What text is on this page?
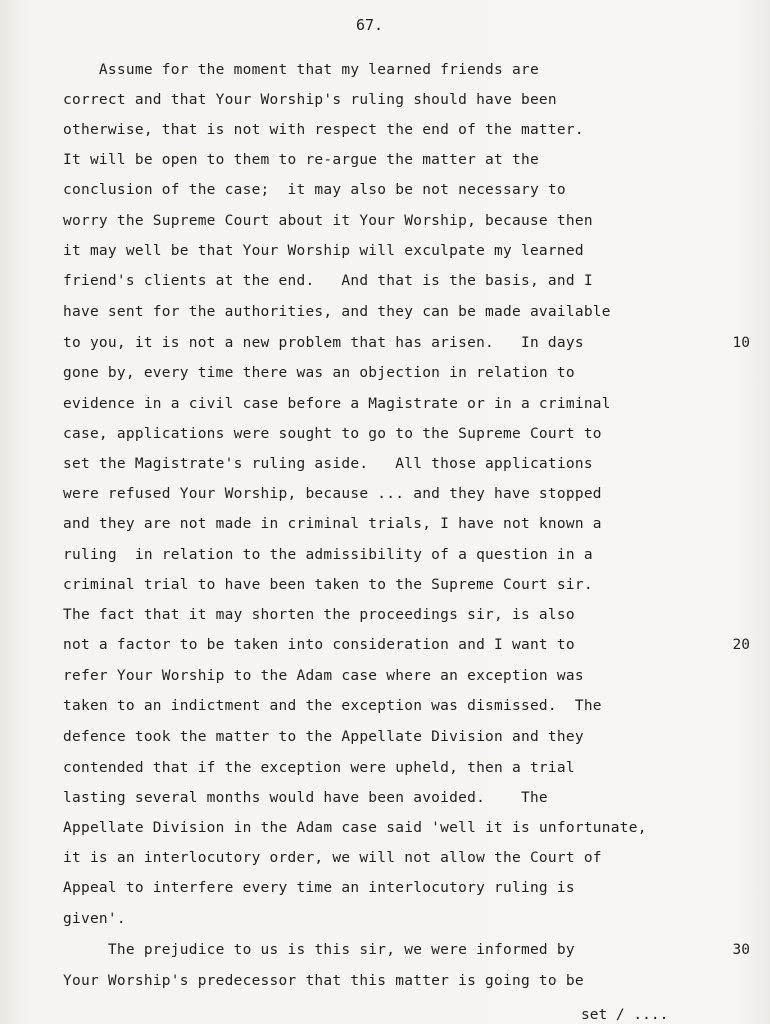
67.
Assume for the moment that my learned friends are
correct and that Your Worship's ruling should have been
otherwise, that is not with respect the end of the matter.
It will be open to them to re-argue the matter at the
conclusion of the case;  it may also be not necessary to
worry the Supreme Court about it Your Worship, because then
it may well be that Your Worship will exculpate my learned
friend's clients at the end.   And that is the basis, and I
have sent for the authorities, and they can be made available
to you, it is not a new problem that has arisen.   In days
gone by, every time there was an objection in relation to
evidence in a civil case before a Magistrate or in a criminal
case, applications were sought to go to the Supreme Court to
set the Magistrate's ruling aside.   All those applications
were refused Your Worship, because ... and they have stopped
and they are not made in criminal trials, I have not known a
ruling  in relation to the admissibility of a question in a
criminal trial to have been taken to the Supreme Court sir.
The fact that it may shorten the proceedings sir, is also
not a factor to be taken into consideration and I want to
refer Your Worship to the Adam case where an exception was
taken to an indictment and the exception was dismissed.  The
defence took the matter to the Appellate Division and they
contended that if the exception were upheld, then a trial
lasting several months would have been avoided.    The
Appellate Division in the Adam case said 'well it is unfortunate,
it is an interlocutory order, we will not allow the Court of
Appeal to interfere every time an interlocutory ruling is
given'.
The prejudice to us is this sir, we were informed by
Your Worship's predecessor that this matter is going to be
10
20
30
set / ....
